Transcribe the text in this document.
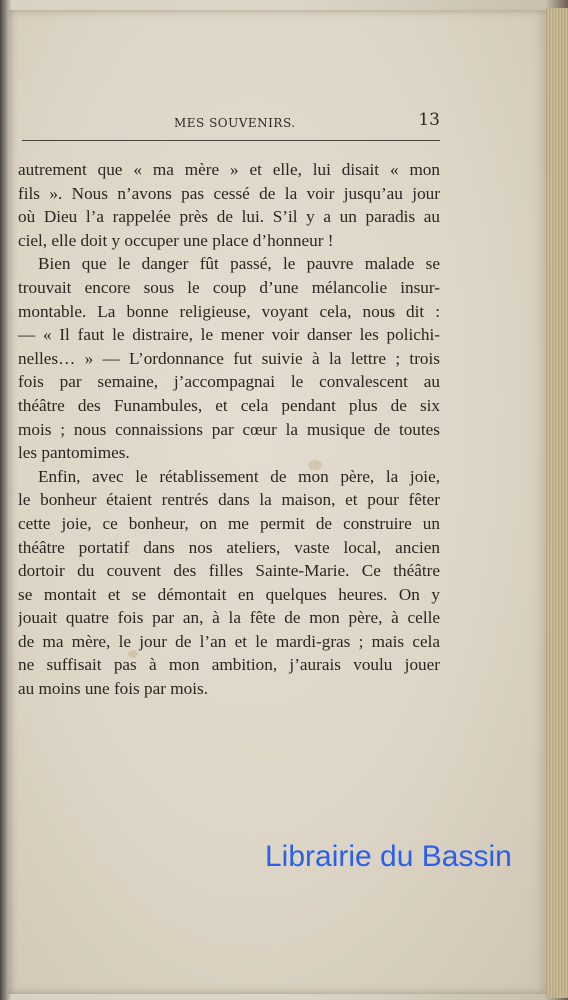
MES SOUVENIRS.	13
autrement que « ma mère » et elle, lui disait « mon
fils ». Nous n’avons pas cessé de la voir jusqu’au jour
où Dieu l’a rappelée près de lui. S’il y a un paradis au
ciel, elle doit y occuper une place d’honneur !
Bien que le danger fût passé, le pauvre malade se
trouvait encore sous le coup d’une mélancolie insur-
montable. La bonne religieuse, voyant cela, nous dit :
— « Il faut le distraire, le mener voir danser les polichi-
nelles… » — L’ordonnance fut suivie à la lettre ; trois
fois par semaine, j’accompagnai le convalescent au
théâtre des Funambules, et cela pendant plus de six
mois ; nous connaissions par cœur la musique de toutes
les pantomimes.
Enfin, avec le rétablissement de mon père, la joie,
le bonheur étaient rentrés dans la maison, et pour fêter
cette joie, ce bonheur, on me permit de construire un
théâtre portatif dans nos ateliers, vaste local, ancien
dortoir du couvent des filles Sainte-Marie. Ce théâtre
se montait et se démontait en quelques heures. On y
jouait quatre fois par an, à la fête de mon père, à celle
de ma mère, le jour de l’an et le mardi-gras ; mais cela
ne suffisait pas à mon ambition, j’aurais voulu jouer
au moins une fois par mois.
Librairie du Bassin
